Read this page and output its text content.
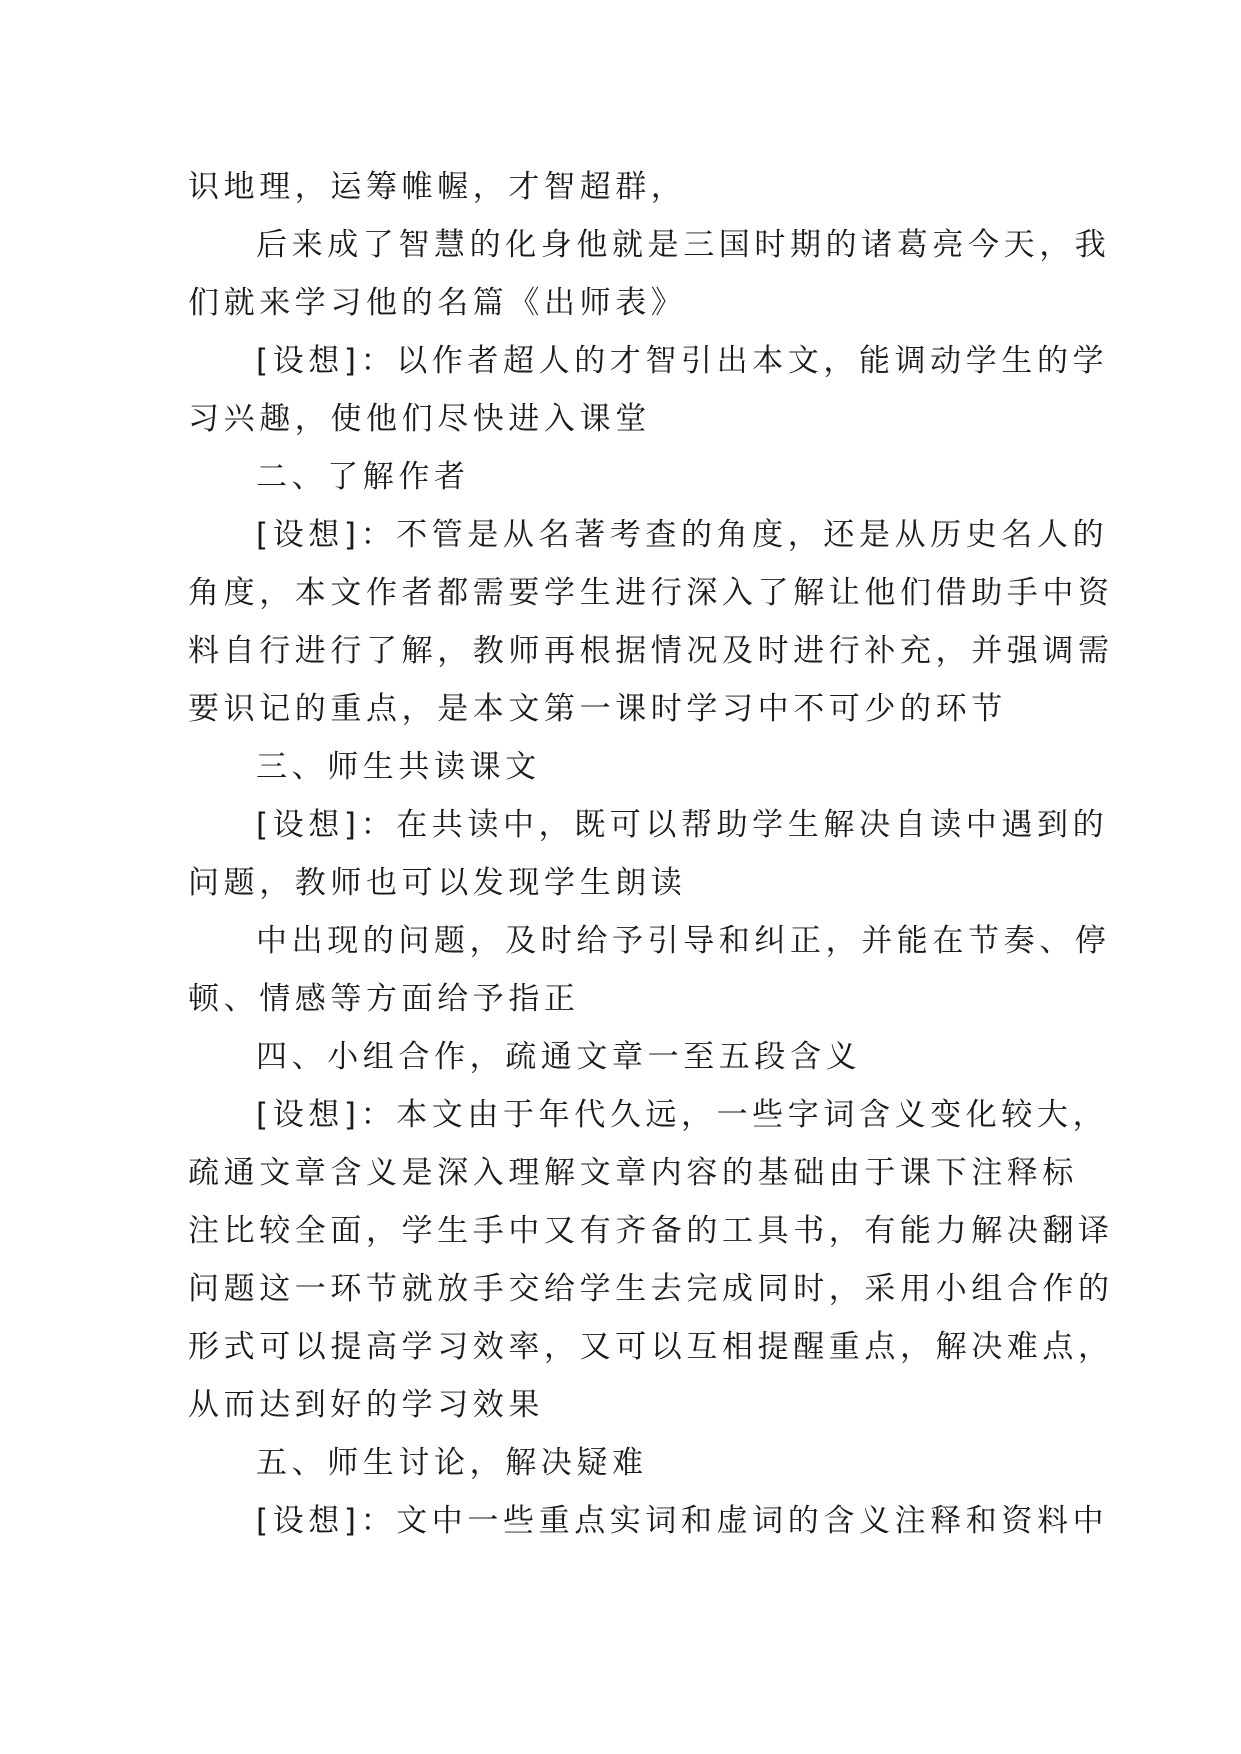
识地理，运筹帷幄，才智超群，
后来成了智慧的化身他就是三国时期的诸葛亮今天，我
们就来学习他的名篇《出师表》
[设想]：以作者超人的才智引出本文，能调动学生的学
习兴趣，使他们尽快进入课堂
二、了解作者
[设想]：不管是从名著考查的角度，还是从历史名人的
角度，本文作者都需要学生进行深入了解让他们借助手中资
料自行进行了解，教师再根据情况及时进行补充，并强调需
要识记的重点，是本文第一课时学习中不可少的环节
三、师生共读课文
[设想]：在共读中，既可以帮助学生解决自读中遇到的
问题，教师也可以发现学生朗读
中出现的问题，及时给予引导和纠正，并能在节奏、停
顿、情感等方面给予指正
四、小组合作，疏通文章一至五段含义
[设想]：本文由于年代久远，一些字词含义变化较大，
疏通文章含义是深入理解文章内容的基础由于课下注释标
注比较全面，学生手中又有齐备的工具书，有能力解决翻译
问题这一环节就放手交给学生去完成同时，采用小组合作的
形式可以提高学习效率，又可以互相提醒重点，解决难点，
从而达到好的学习效果
五、师生讨论，解决疑难
[设想]：文中一些重点实词和虚词的含义注释和资料中
